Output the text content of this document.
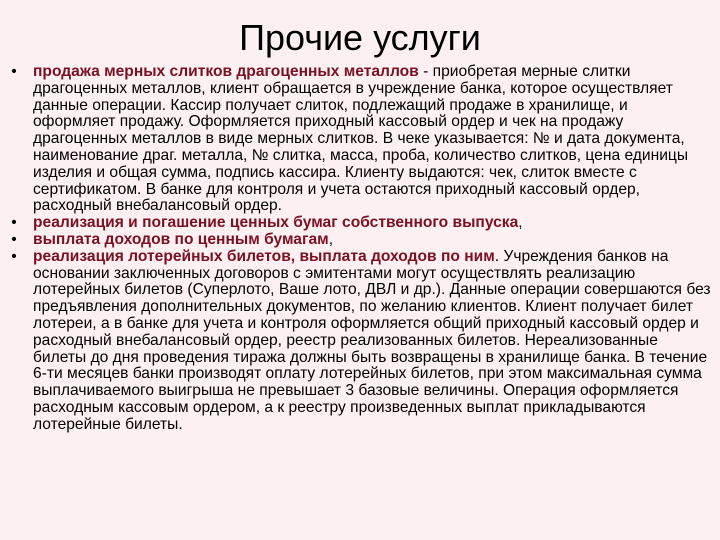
Прочие услуги
• продажа мерных слитков драгоценных металлов - приобретая мерные слитки драгоценных металлов, клиент обращается в учреждение банка, которое осуществляет данные операции. Кассир получает слиток, подлежащий продаже в хранилище, и оформляет продажу. Оформляется приходный кассовый ордер и чек на продажу драгоценных металлов в виде мерных слитков. В чеке указывается: № и дата документа, наименование драг. металла, № слитка, масса, проба, количество слитков, цена единицы изделия и общая сумма, подпись кассира. Клиенту выдаются: чек, слиток вместе с сертификатом. В банке для контроля и учета остаются приходный кассовый ордер, расходный внебалансовый ордер.
• реализация и погашение ценных бумаг собственного выпуска,
• выплата доходов по ценным бумагам,
• реализация лотерейных билетов, выплата доходов по ним. Учреждения банков на основании заключенных договоров с эмитентами могут осуществлять реализацию лотерейных билетов (Суперлото, Ваше лото, ДВЛ и др.). Данные операции совершаются без предъявления дополнительных документов, по желанию клиентов. Клиент получает билет лотереи, а в банке для учета и контроля оформляется общий приходный кассовый ордер и расходный внебалансовый ордер, реестр реализованных билетов. Нереализованные билеты до дня проведения тиража должны быть возвращены в хранилище банка. В течение 6-ти месяцев банки производят оплату лотерейных билетов, при этом максимальная сумма выплачиваемого выигрыша не превышает 3 базовые величины. Операция оформляется расходным кассовым ордером, а к реестру произведенных выплат прикладываются лотерейные билеты.
